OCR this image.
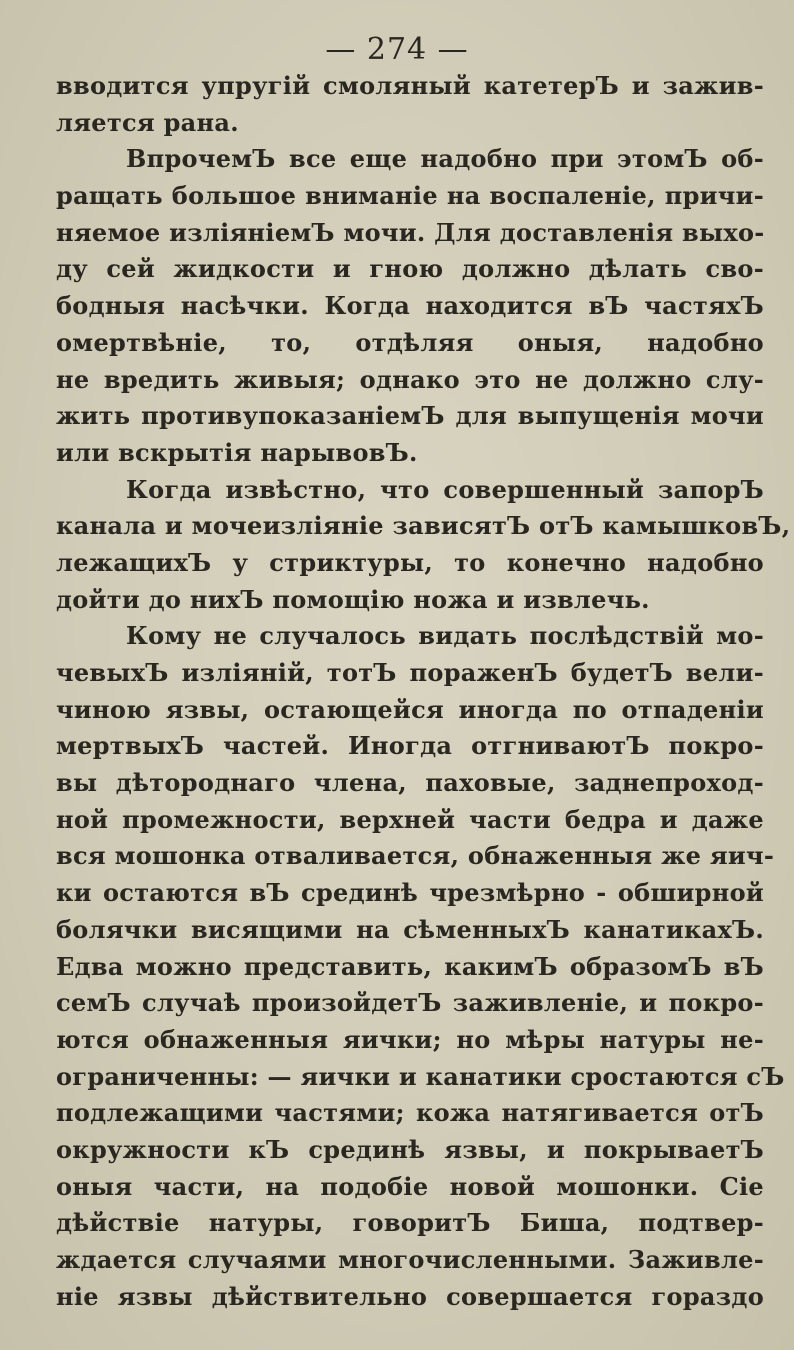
— 274 —
вводится упругій смоляный катетерЪ и зажив-
ляется рана.
ВпрочемЪ все еще надобно при этомЪ об-
ращать большое вниманіе на воспаленіе, причи-
няемое изліяніемЪ мочи. Для доставленія выхо-
ду сей жидкости и гною должно дѣлать сво-
бодныя насѣчки. Когда находится вЪ частяхЪ
омертвѣніе, то, отдѣляя оныя, надобно
не вредить живыя; однако это не должно слу-
жить противупоказаніемЪ для выпущенія мочи
или вскрытія нарывовЪ.
Когда извѣстно, что совершенный запорЪ
канала и мочеизліяніе зависятЪ отЪ камышковЪ,
лежащихЪ у стриктуры, то конечно надобно
дойти до нихЪ помощію ножа и извлечь.
Кому не случалось видать послѣдствій мо-
чевыхЪ изліяній, тотЪ пораженЪ будетЪ вели-
чиною язвы, остающейся иногда по отпаденіи
мертвыхЪ частей. Иногда отгниваютЪ покро-
вы дѣтороднаго члена, паховые, заднепроход-
ной промежности, верхней части бедра и даже
вся мошонка отваливается, обнаженныя же яич-
ки остаются вЪ срединѣ чрезмѣрно - обширной
болячки висящими на сѣменныхЪ канатикахЪ.
Едва можно представить, какимЪ образомЪ вЪ
семЪ случаѣ произойдетЪ заживленіе, и покро-
ются обнаженныя яички; но мѣры натуры не-
ограниченны: — яички и канатики сростаются сЪ
подлежащими частями; кожа натягивается отЪ
окружности кЪ срединѣ язвы, и покрываетЪ
оныя части, на подобіе новой мошонки. Сіе
дѣйствіе натуры, говоритЪ Биша, подтвер-
ждается случаями многочисленными. Заживле-
ніе язвы дѣйствительно совершается гораздо
